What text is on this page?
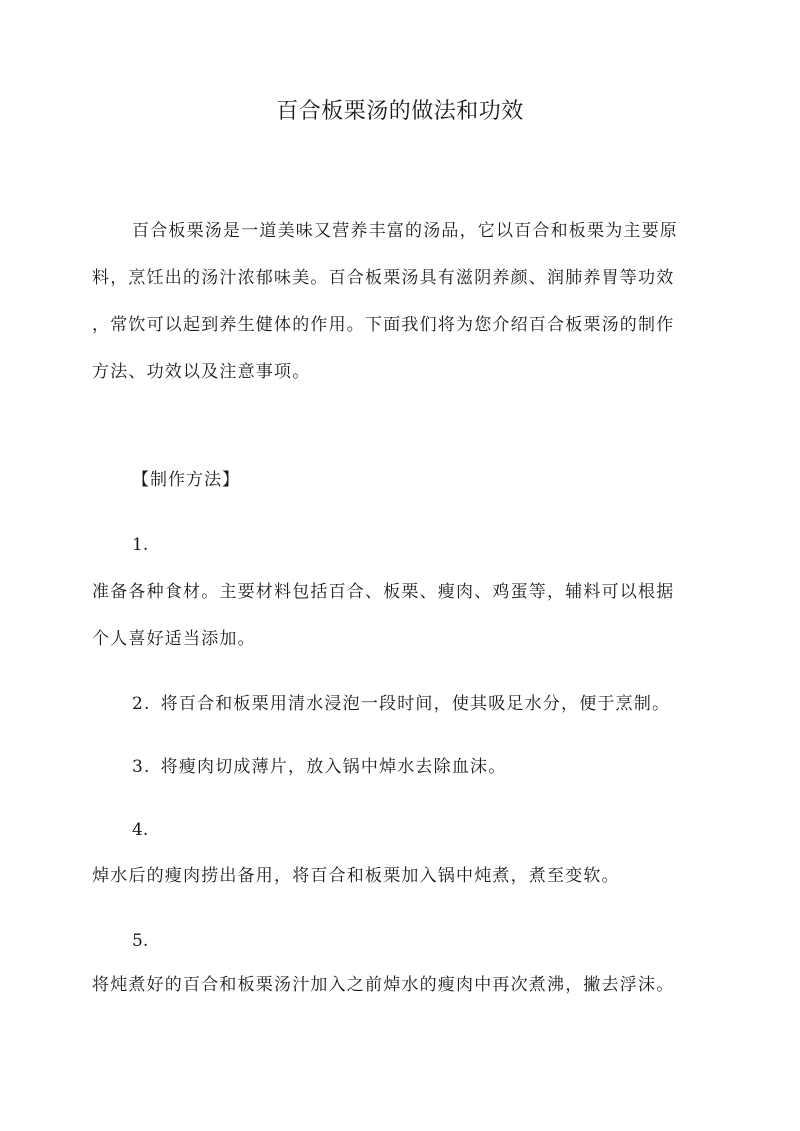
百合板栗汤的做法和功效

百合板栗汤是一道美味又营养丰富的汤品，它以百合和板栗为主要原
料，烹饪出的汤汁浓郁味美。百合板栗汤具有滋阴养颜、润肺养胃等功效
，常饮可以起到养生健体的作用。下面我们将为您介绍百合板栗汤的制作
方法、功效以及注意事项。

【制作方法】

1.

准备各种食材。主要材料包括百合、板栗、瘦肉、鸡蛋等，辅料可以根据
个人喜好适当添加。

2. 将百合和板栗用清水浸泡一段时间，使其吸足水分，便于烹制。

3. 将瘦肉切成薄片，放入锅中焯水去除血沫。

4.

焯水后的瘦肉捞出备用，将百合和板栗加入锅中炖煮，煮至变软。

5.

将炖煮好的百合和板栗汤汁加入之前焯水的瘦肉中再次煮沸，撇去浮沫。
